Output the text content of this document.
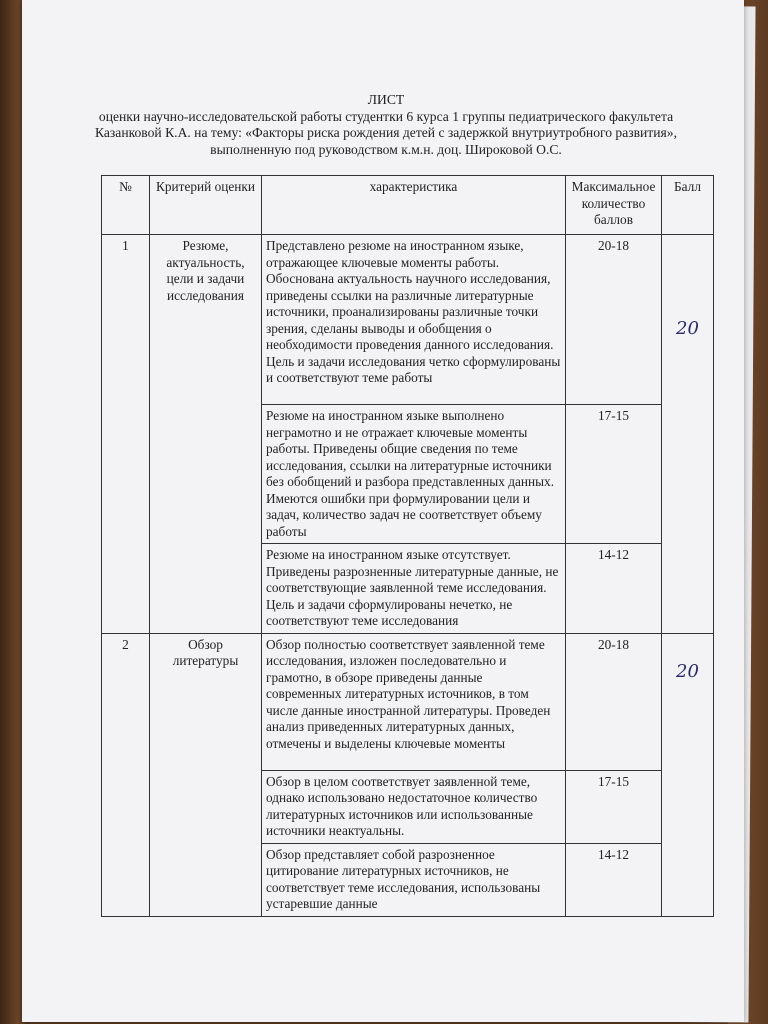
ЛИСТ
оценки научно-исследовательской работы студентки 6 курса 1 группы педиатрического факультета Казанковой К.А. на тему: «Факторы риска рождения детей с задержкой внутриутробного развития», выполненную под руководством к.м.н. доц. Широковой О.С.
№	Критерий оценки	характеристика	Максимальное количество баллов	Балл
1	Резюме, актуальность, цели и задачи исследования	Представлено резюме на иностранном языке, отражающее ключевые моменты работы. Обоснована актуальность научного исследования, приведены ссылки на различные литературные источники, проанализированы различные точки зрения, сделаны выводы и обобщения о необходимости проведения данного исследования. Цель и задачи исследования четко сформулированы и соответствуют теме работы	20-18	20

		Резюме на иностранном языке выполнено неграмотно и не отражает ключевые моменты работы. Приведены общие сведения по теме исследования, ссылки на литературные источники без обобщений и разбора представленных данных. Имеются ошибки при формулировании цели и задач, количество задач не соответствует объему работы	17-15	
		Резюме на иностранном языке отсутствует. Приведены разрозненные литературные данные, не соответствующие заявленной теме исследования. Цель и задачи сформулированы нечетко, не соответствуют теме исследования	14-12	
2	Обзор литературы	Обзор полностью соответствует заявленной теме исследования, изложен последовательно и грамотно, в обзоре приведены данные современных литературных источников, в том числе данные иностранной литературы. Проведен анализ приведенных литературных данных, отмечены и выделены ключевые моменты	20-18	20

		Обзор в целом соответствует заявленной теме, однако использовано недостаточное количество литературных источников или использованные источники неактуальны.	17-15	
		Обзор представляет собой разрозненное цитирование литературных источников, не соответствует теме исследования, использованы устаревшие данные	14-12	
